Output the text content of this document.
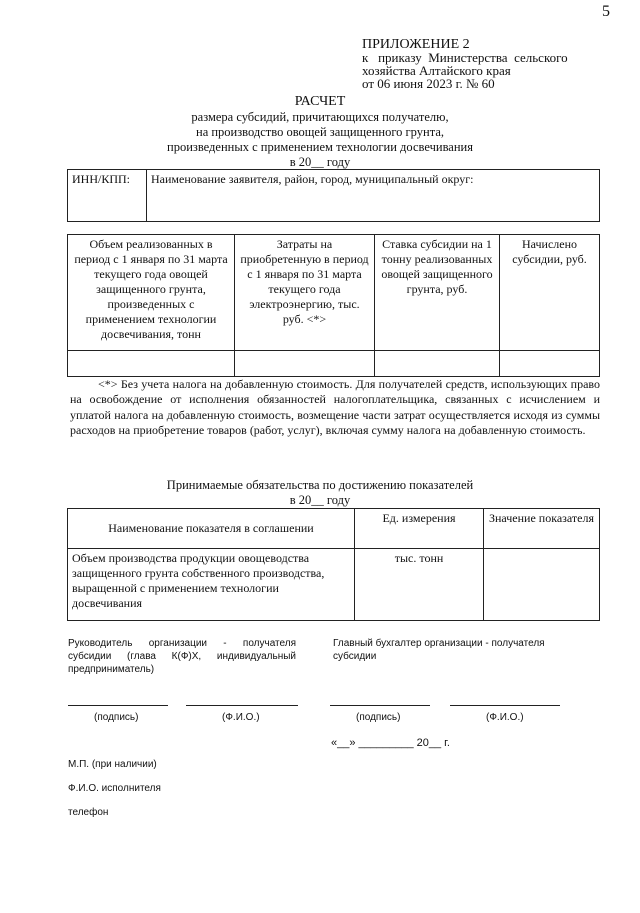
5
ПРИЛОЖЕНИЕ 2
к   приказу  Министерства  сельского
хозяйства Алтайского края
от 06 июня 2023 г. № 60
РАСЧЕТ
размера субсидий, причитающихся получателю,
на производство овощей защищенного грунта,
произведенных с применением технологии досвечивания
в 20__ году
ИНН/КПП:	Наименование заявителя, район, город, муниципальный округ:
Объем реализованных в период с 1 января по 31 марта текущего года овощей защищенного грунта, произведенных с применением технологии досвечивания, тонн	Затраты на приобретенную в период с 1 января по 31 марта текущего года электроэнергию, тыс. руб. <*>	Ставка субсидии на 1 тонну реализованных овощей защищенного грунта, руб.	Начислено субсидии, руб.

<*> Без учета налога на добавленную стоимость. Для получателей средств, использующих право на освобождение от исполнения обязанностей налогоплательщика, связанных с исчислением и уплатой налога на добавленную стоимость, возмещение части затрат осуществляется исходя из суммы расходов на приобретение товаров (работ, услуг), включая сумму налога на добавленную стоимость.

Принимаемые обязательства по достижению показателей
в 20__ году
Наименование показателя в соглашении	Ед. измерения	Значение показателя
Объем производства продукции овощеводства защищенного грунта собственного производства, выращенной с применением технологии досвечивания	тыс. тонн	
Руководитель организации - получателя субсидии (глава К(Ф)Х, индивидуальный предприниматель)
Главный бухгалтер организации - получателя субсидии
(подпись)	(Ф.И.О.)	(подпись)	(Ф.И.О.)
«__» _________ 20__ г.
М.П. (при наличии)
Ф.И.О. исполнителя
телефон
